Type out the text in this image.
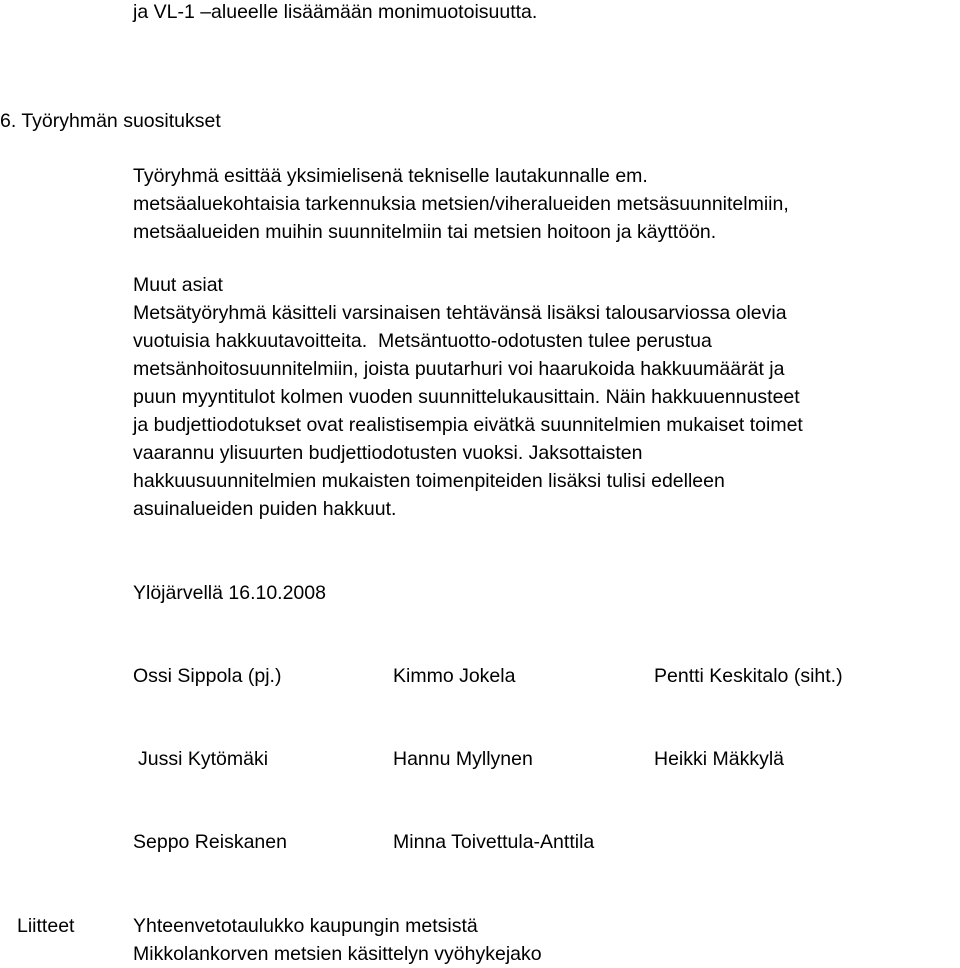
ja VL-1 –alueelle lisäämään monimuotoisuutta.
6. Työryhmän suositukset
Työryhmä esittää yksimielisenä tekniselle lautakunnalle em.
metsäaluekohtaisia tarkennuksia metsien/viheralueiden metsäsuunnitelmiin,
metsäalueiden muihin suunnitelmiin tai metsien hoitoon ja käyttöön.
Muut asiat
Metsätyöryhmä käsitteli varsinaisen tehtävänsä lisäksi talousarviossa olevia
vuotuisia hakkuutavoitteita.  Metsäntuotto-odotusten tulee perustua
metsänhoitosuunnitelmiin, joista puutarhuri voi haarukoida hakkuumäärät ja
puun myyntitulot kolmen vuoden suunnittelukausittain. Näin hakkuuennusteet
ja budjettiodotukset ovat realistisempia eivätkä suunnitelmien mukaiset toimet
vaarannu ylisuurten budjettiodotusten vuoksi. Jaksottaisten
hakkuusuunnitelmien mukaisten toimenpiteiden lisäksi tulisi edelleen
asuinalueiden puiden hakkuut.
Ylöjärvellä 16.10.2008
Ossi Sippola (pj.)	Kimmo Jokela	Pentti Keskitalo (siht.)
Jussi Kytömäki	Hannu Myllynen	Heikki Mäkkylä
Seppo Reiskanen	Minna Toivettula-Anttila
Liitteet	Yhteenvetotaulukko kaupungin metsistä
Mikkolankorven metsien käsittelyn vyöhykejako
